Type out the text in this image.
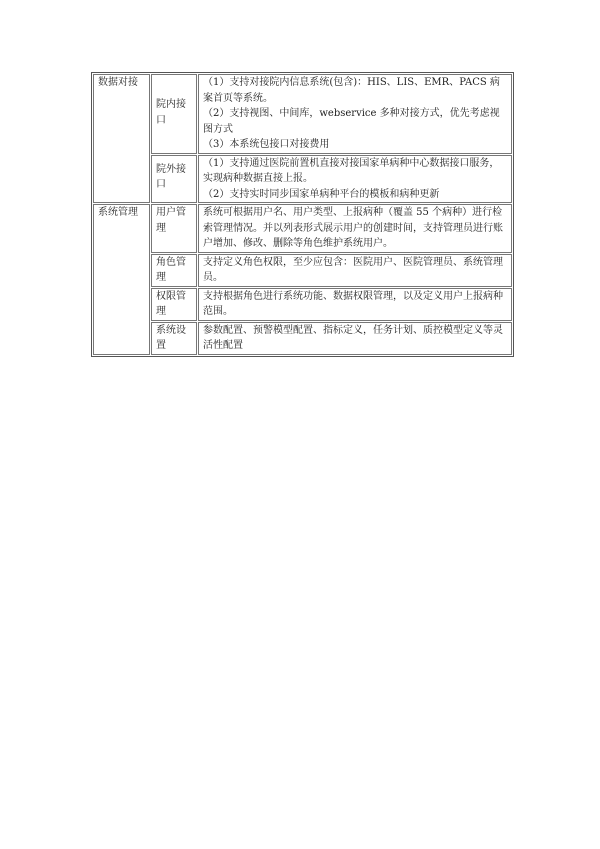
数据对接	院内接口	（1）支持对接院内信息系统(包含)：HIS、LIS、EMR、PACS 病案首页等系统。
（2）支持视图、中间库，webservice 多种对接方式，优先考虑视图方式
（3）本系统包接口对接费用

	院外接口	（1）支持通过医院前置机直接对接国家单病种中心数据接口服务，实现病种数据直接上报。
（2）支持实时同步国家单病种平台的模板和病种更新

系统管理	用户管理	系统可根据用户名、用户类型、上报病种（覆盖 55 个病种）进行检索管理情况。并以列表形式展示用户的创建时间，支持管理员进行账户增加、修改、删除等角色维护系统用户。

	角色管理	支持定义角色权限，至少应包含：医院用户、医院管理员、系统管理员。

	权限管理	支持根据角色进行系统功能、数据权限管理，以及定义用户上报病种范围。

	系统设置	参数配置、预警模型配置、指标定义，任务计划、质控模型定义等灵活性配置
